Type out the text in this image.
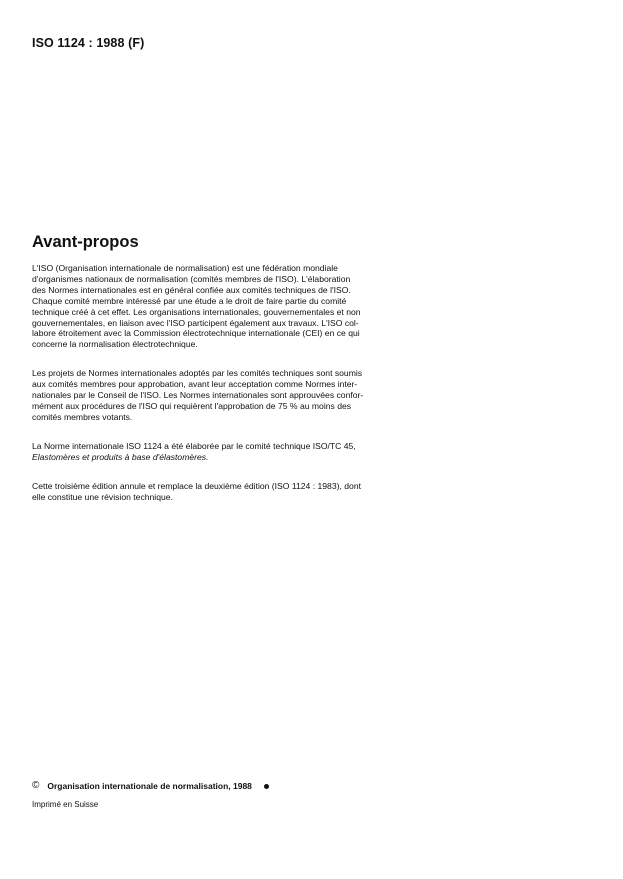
ISO 1124 : 1988 (F)
Avant-propos

L'ISO (Organisation internationale de normalisation) est une fédération mondiale
d'organismes nationaux de normalisation (comités membres de l'ISO). L'élaboration
des Normes internationales est en général confiée aux comités techniques de l'ISO.
Chaque comité membre intéressé par une étude a le droit de faire partie du comité
technique créé à cet effet. Les organisations internationales, gouvernementales et non
gouvernementales, en liaison avec l'ISO participent également aux travaux. L'ISO col-
labore étroitement avec la Commission électrotechnique internationale (CEI) en ce qui
concerne la normalisation électrotechnique.

Les projets de Normes internationales adoptés par les comités techniques sont soumis
aux comités membres pour approbation, avant leur acceptation comme Normes inter-
nationales par le Conseil de l'ISO. Les Normes internationales sont approuvées confor-
mément aux procédures de l'ISO qui requièrent l'approbation de 75 % au moins des
comités membres votants.

La Norme internationale ISO 1124 a été élaborée par le comité technique ISO/TC 45,
Elastomères et produits à base d'élastomères.

Cette troisième édition annule et remplace la deuxième édition (ISO 1124 : 1983), dont
elle constitue une révision technique.

© Organisation internationale de normalisation, 1988
Imprimé en Suisse
